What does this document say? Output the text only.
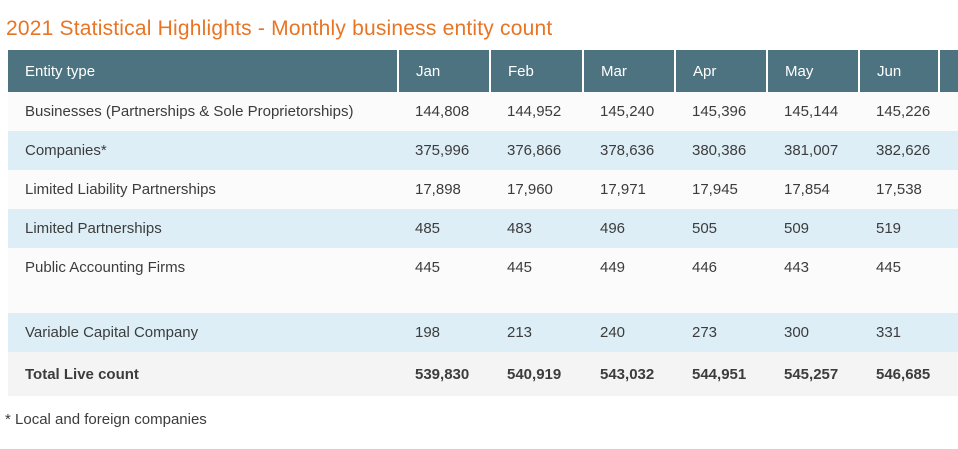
2021 Statistical Highlights - Monthly business entity count
Entity type	Jan	Feb	Mar	Apr	May	Jun	
Businesses (Partnerships & Sole Proprietorships)	144,808	144,952	145,240	145,396	145,144	145,226	
Companies*	375,996	376,866	378,636	380,386	381,007	382,626	
Limited Liability Partnerships	17,898	17,960	17,971	17,945	17,854	17,538	
Limited Partnerships	485	483	496	505	509	519	
Public Accounting Firms	445	445	449	446	443	445	

Variable Capital Company	198	213	240	273	300	331	
Total Live count	539,830	540,919	543,032	544,951	545,257	546,685	
* Local and foreign companies
